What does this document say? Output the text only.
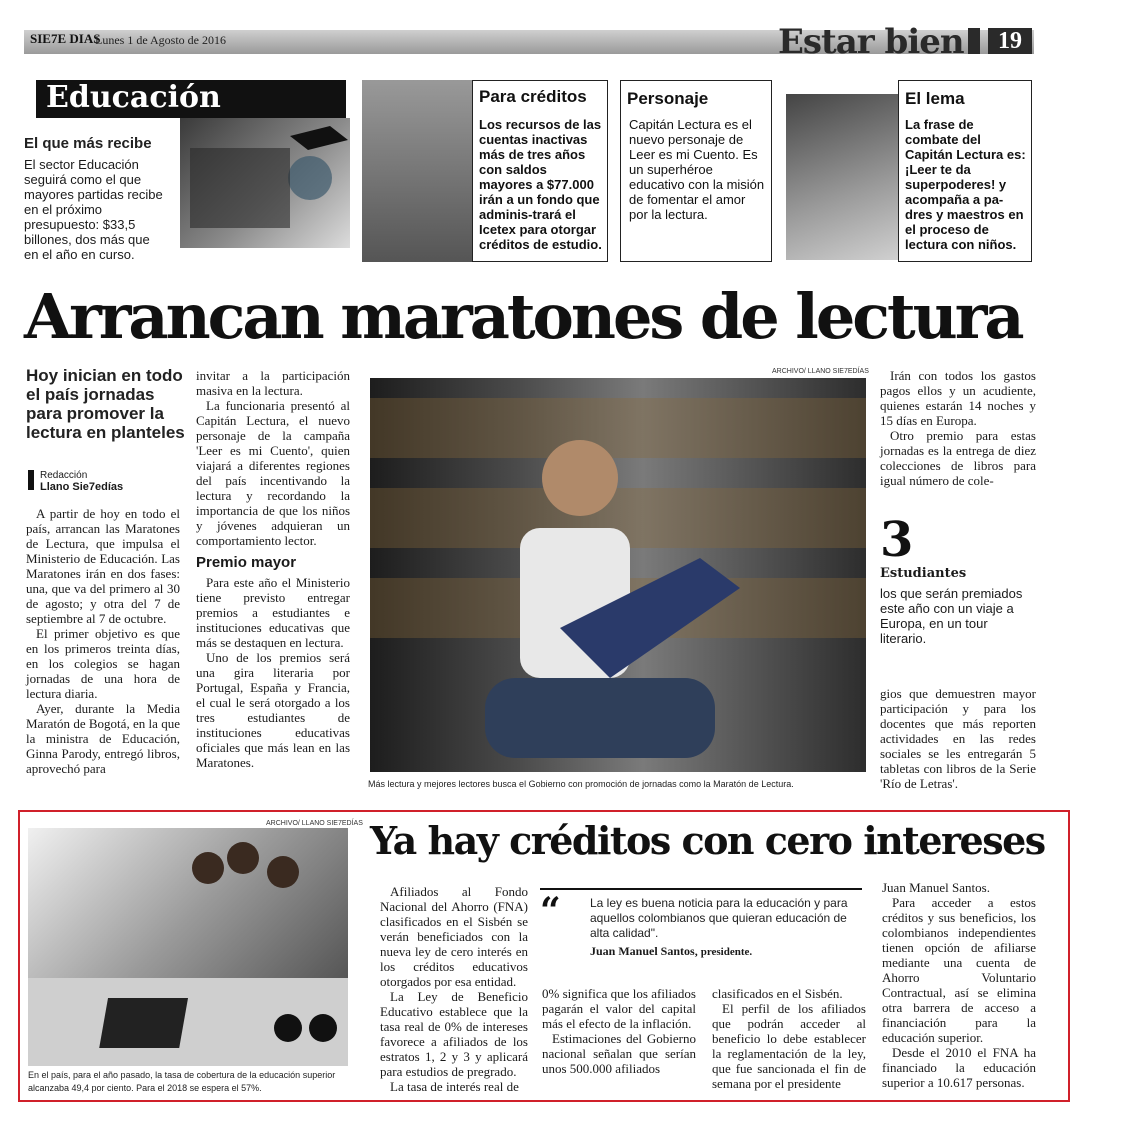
SIE7E DIAS
Lunes 1 de Agosto de 2016	Estar bien	19
Educación
El que más recibe
El sector Educación seguirá como el que mayores partidas recibe en el próximo presupuesto: $33,5 billones, dos más que en el año en curso.
Para créditos
Los recursos de las cuentas inactivas más de tres años con saldos mayores a $77.000 irán a un fondo que adminis-trará el Icetex para otorgar créditos de estudio.
Personaje
Capitán Lectura es el nuevo personaje de Leer es mi Cuento. Es un superhéroe educativo con la misión de fomentar el amor por la lectura.
El lema
La frase de combate del Capitán Lectura es: ¡Leer te da superpoderes! y acompaña a pa-dres y maestros en el proceso de lectura con niños.
Arrancan maratones de lectura
Hoy inician en todo el país jornadas para promover la lectura en planteles
Redacción
Llano Sie7edías

A partir de hoy en todo el país, arrancan las Maratones de Lectura, que impulsa el Ministerio de Educación. Las Maratones irán en dos fases: una, que va del primero al 30 de agosto; y otra del 7 de septiembre al 7 de octubre.

El primer objetivo es que en los primeros treinta días, en los colegios se hagan jornadas de una hora de lectura diaria.

Ayer, durante la Media Maratón de Bogotá, en la que la ministra de Educación, Ginna Parody, entregó libros, aprovechó para

invitar a la participación masiva en la lectura.

La funcionaria presentó al Capitán Lectura, el nuevo personaje de la campaña 'Leer es mi Cuento', quien viajará a diferentes regiones del país incentivando la lectura y recordando la importancia de que los niños y jóvenes adquieran un comportamiento lector.

Premio mayor

Para este año el Ministerio tiene previsto entregar premios a estudiantes e instituciones educativas que más se destaquen en lectura.

Uno de los premios será una gira literaria por Portugal, España y Francia, el cual le será otorgado a los tres estudiantes de instituciones educativas oficiales que más lean en las Maratones.

ARCHIVO/ LLANO SIE7EDÍAS
Más lectura y mejores lectores busca el Gobierno con promoción de jornadas como la Maratón de Lectura.

Irán con todos los gastos pagos ellos y un acudiente, quienes estarán 14 noches y 15 días en Europa.

Otro premio para estas jornadas es la entrega de diez colecciones de libros para igual número de cole-

3
Estudiantes
los que serán premiados este año con un viaje a Europa, en un tour literario.

gios que demuestren mayor participación y para los docentes que más reporten actividades en las redes sociales se les entregarán 5 tabletas con libros de la Serie 'Río de Letras'.

ARCHIVO/ LLANO SIE7EDÍAS
En el país, para el año pasado, la tasa de cobertura de la educación superior alcanzaba 49,4 por ciento. Para el 2018 se espera el 57%.
Ya hay créditos con cero intereses

Afiliados al Fondo Nacional del Ahorro (FNA) clasificados en el Sisbén se verán beneficiados con la nueva ley de cero interés en los créditos educativos otorgados por esa entidad.

La Ley de Beneficio Educativo establece que la tasa real de 0% de intereses favorece a afiliados de los estratos 1, 2 y 3 y aplicará para estudios de pregrado.

La tasa de interés real de

“ La ley es buena noticia para la educación y para aquellos colombianos que quieran educación de alta calidad".
Juan Manuel Santos, presidente.

0% significa que los afiliados pagarán el valor del capital más el efecto de la inflación.

Estimaciones del Gobierno nacional señalan que serían unos 500.000 afiliados

clasificados en el Sisbén.

El perfil de los afiliados que podrán acceder al beneficio lo debe establecer la reglamentación de la ley, que fue sancionada el fin de semana por el presidente

Juan Manuel Santos.

Para acceder a estos créditos y sus beneficios, los colombianos independientes tienen opción de afiliarse mediante una cuenta de Ahorro Voluntario Contractual, así se elimina otra barrera de acceso a financiación para la educación superior.

Desde el 2010 el FNA ha financiado la educación superior a 10.617 personas.
